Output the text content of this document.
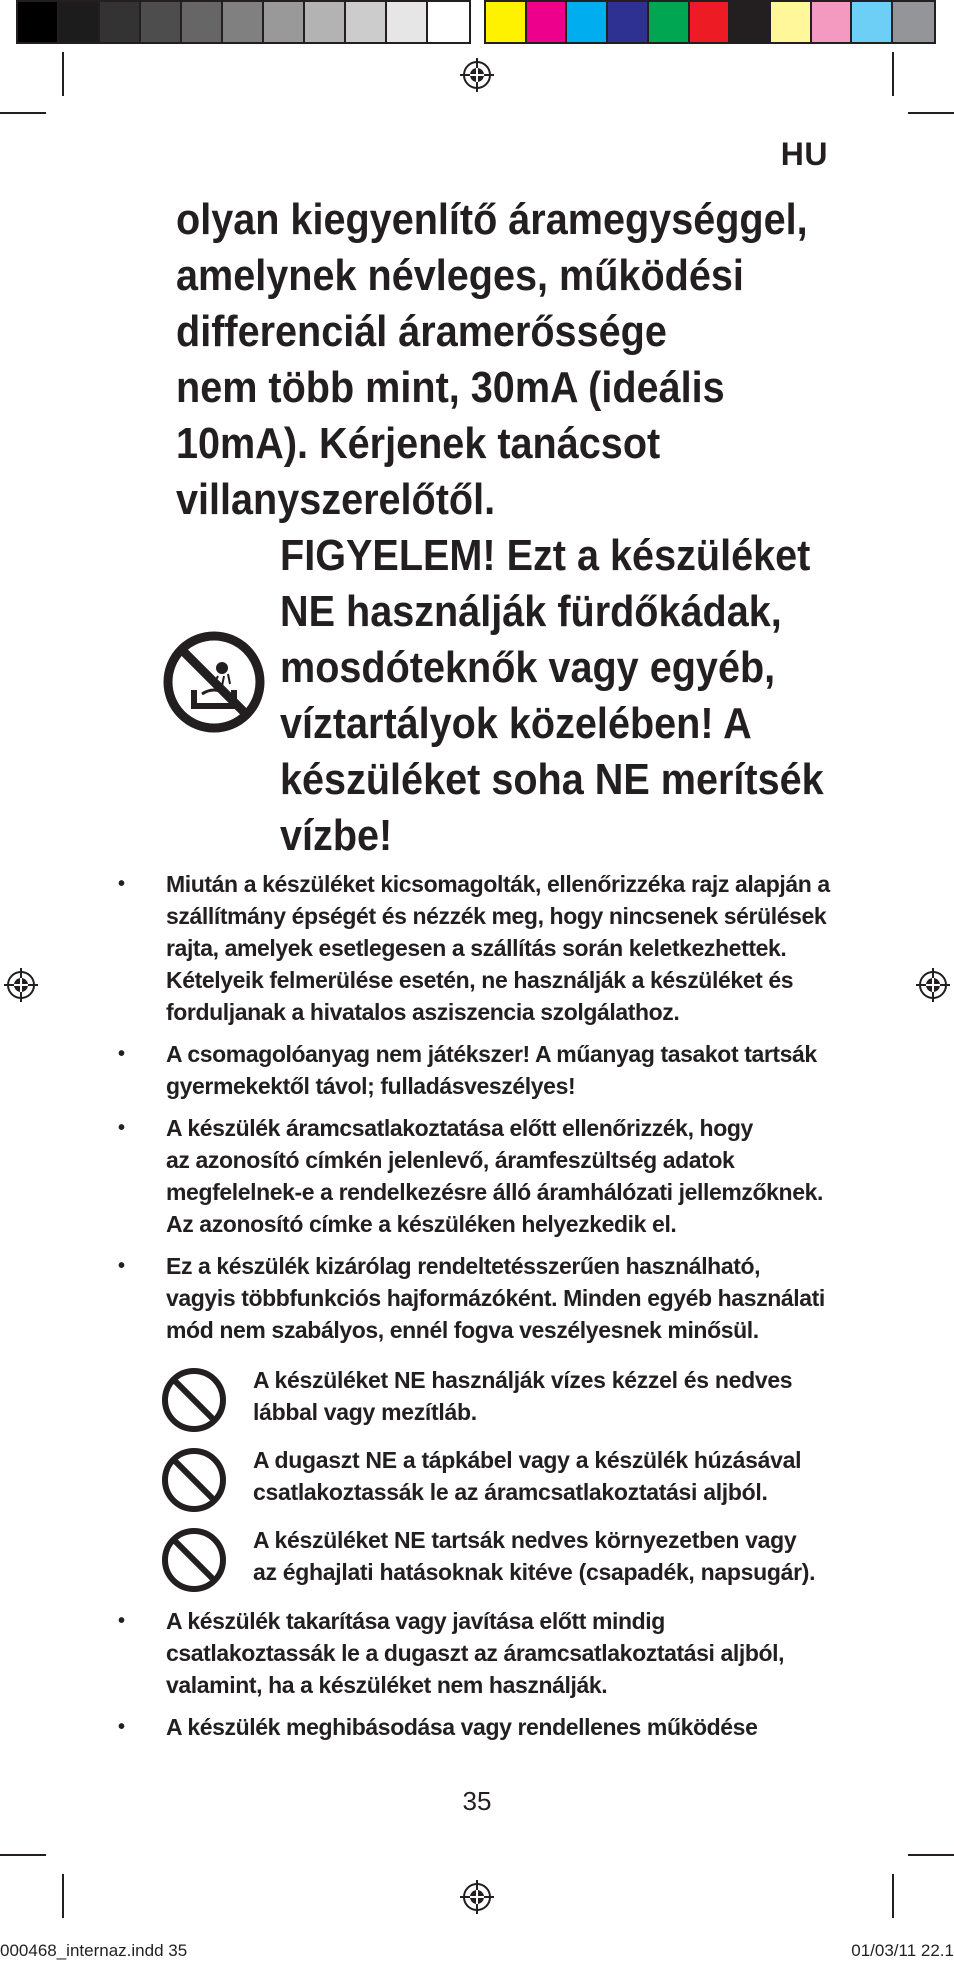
HU

olyan kiegyenlítő áramegységgel,

amelynek névleges, működési

differenciál áramerőssége

nem több mint, 30mA (ideális

10mA). Kérjenek tanácsot

villanyszerelőtől.

FIGYELEM! Ezt a készüléket

NE használják fürdőkádak,

mosdóteknők vagy egyéb,

víztartályok közelében! A

készüléket soha NE merítsék

vízbe!

• Miután a készüléket kicsomagolták, ellenőrizzéka rajz alapján a
szállítmány épségét és nézzék meg, hogy nincsenek sérülések
rajta, amelyek esetlegesen a szállítás során keletkezhettek.
Kételyeik felmerülése esetén, ne használják a készüléket és
forduljanak a hivatalos asziszencia szolgálathoz.
• A csomagolóanyag nem játékszer! A műanyag tasakot tartsák
gyermekektől távol; fulladásveszélyes!
• A készülék áramcsatlakoztatása előtt ellenőrizzék, hogy
az azonosító címkén jelenlevő, áramfeszültség adatok
megfelelnek-e a rendelkezésre álló áramhálózati jellemzőknek.
Az azonosító címke a készüléken helyezkedik el.
• Ez a készülék kizárólag rendeltetésszerűen használható,
vagyis többfunkciós hajformázóként. Minden egyéb használati
mód nem szabályos, ennél fogva veszélyesnek minősül.
A készüléket NE használják vízes kézzel és nedves
lábbal vagy mezítláb.
A dugaszt NE a tápkábel vagy a készülék húzásával
csatlakoztassák le az áramcsatlakoztatási aljból.
A készüléket NE tartsák nedves környezetben vagy
az éghajlati hatásoknak kitéve (csapadék, napsugár).
• A készülék takarítása vagy javítása előtt mindig
csatlakoztassák le a dugaszt az áramcsatlakoztatási aljból,
valamint, ha a készüléket nem használják.
• A készülék meghibásodása vagy rendellenes működése
35
000468_internaz.indd 35	01/03/11 22.1
